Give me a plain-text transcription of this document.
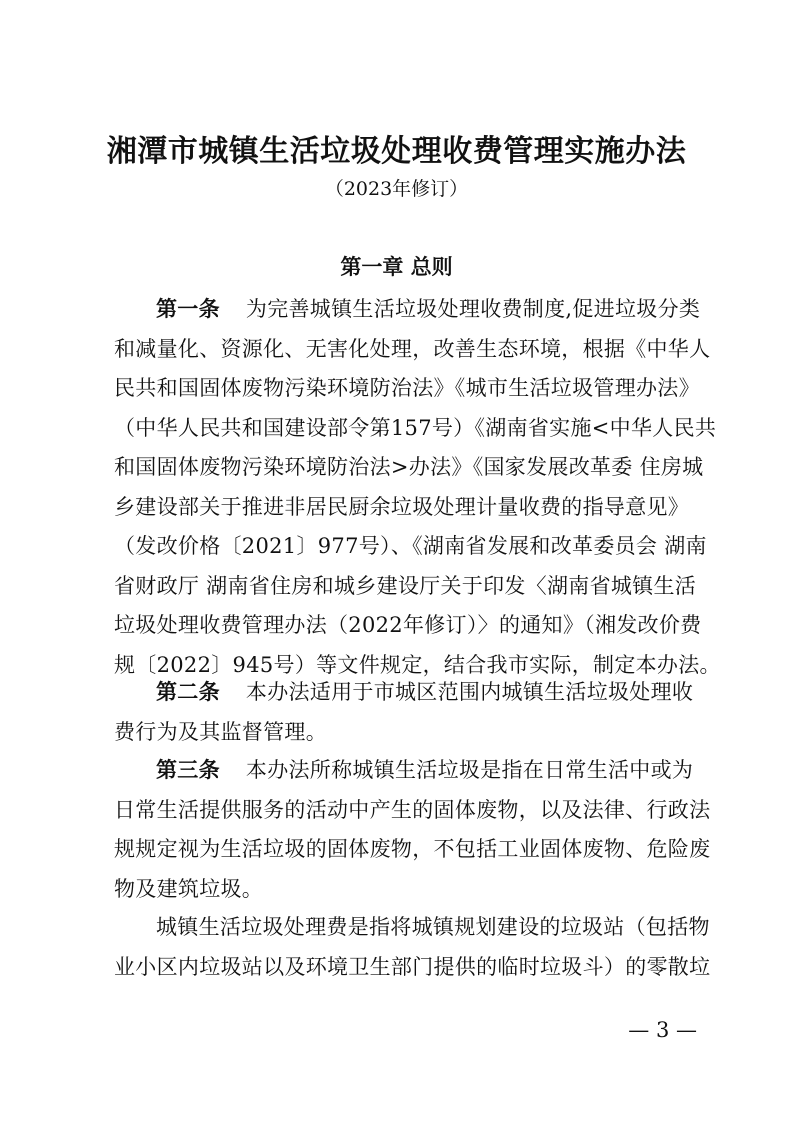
湘潭市城镇生活垃圾处理收费管理实施办法
（2023年修订）
第一章 总则
第一条 为完善城镇生活垃圾处理收费制度,促进垃圾分类
和减量化、资源化、无害化处理，改善生态环境，根据《中华人
民共和国固体废物污染环境防治法》《城市生活垃圾管理办法》
（中华人民共和国建设部令第157号）《湖南省实施<中华人民共
和国固体废物污染环境防治法>办法》《国家发展改革委 住房城
乡建设部关于推进非居民厨余垃圾处理计量收费的指导意见》
（发改价格〔2021〕977号）、《湖南省发展和改革委员会 湖南
省财政厅 湖南省住房和城乡建设厅关于印发〈湖南省城镇生活
垃圾处理收费管理办法（2022年修订）〉的通知》（湘发改价费
规〔2022〕945号）等文件规定，结合我市实际，制定本办法。
第二条 本办法适用于市城区范围内城镇生活垃圾处理收
费行为及其监督管理。
第三条 本办法所称城镇生活垃圾是指在日常生活中或为
日常生活提供服务的活动中产生的固体废物，以及法律、行政法
规规定视为生活垃圾的固体废物，不包括工业固体废物、危险废
物及建筑垃圾。
城镇生活垃圾处理费是指将城镇规划建设的垃圾站（包括物
业小区内垃圾站以及环境卫生部门提供的临时垃圾斗）的零散垃
— 3 —
